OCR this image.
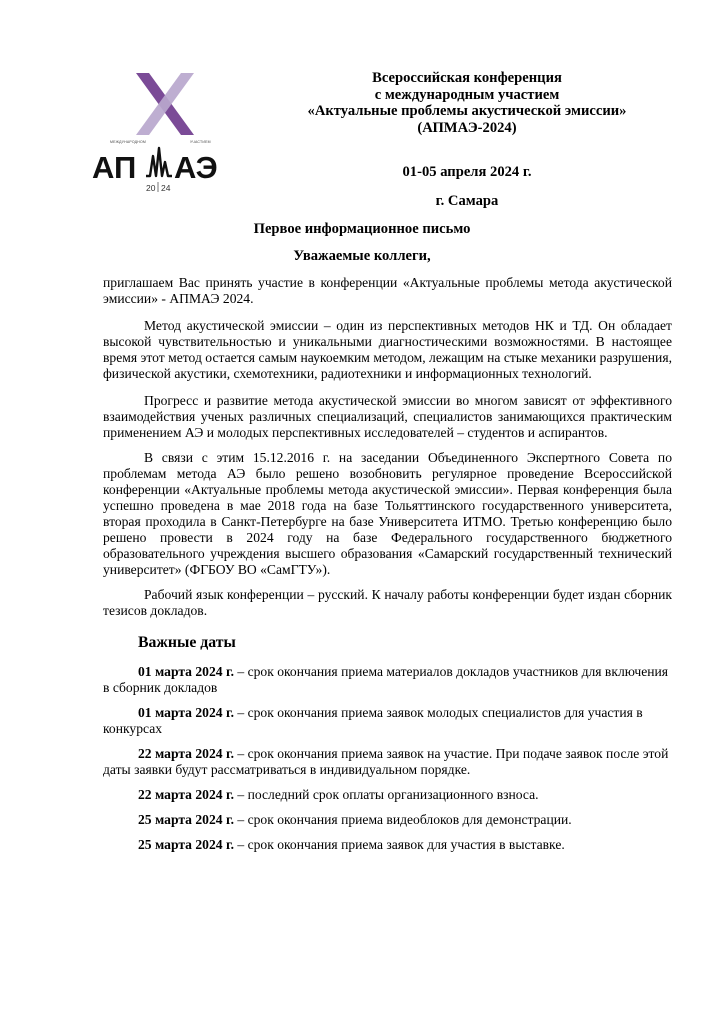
МЕЖДУНАРОДНОМ	УЧАСТИЕМ
АП АЭ
20 24
Всероссийская конференция
с международным участием
«Актуальные проблемы акустической эмиссии»
(АПМАЭ-2024)
01-05 апреля 2024 г.
г. Самара
Первое информационное письмо
Уважаемые коллеги,

приглашаем Вас принять участие в конференции «Актуальные проблемы метода акустической эмиссии» - АПМАЭ 2024.

Метод акустической эмиссии – один из перспективных методов НК и ТД. Он обладает высокой чувствительностью и уникальными диагностическими возможностями. В настоящее время этот метод остается самым наукоемким методом, лежащим на стыке механики разрушения, физической акустики, схемотехники, радиотехники и информационных технологий.

Прогресс и развитие метода акустической эмиссии во многом зависят от эффективного взаимодействия ученых различных специализаций, специалистов занимающихся практическим применением АЭ и молодых перспективных исследователей – студентов и аспирантов.

В связи с этим 15.12.2016 г. на заседании Объединенного Экспертного Совета по проблемам метода АЭ было решено возобновить регулярное проведение Всероссийской конференции «Актуальные проблемы метода акустической эмиссии». Первая конференция была успешно проведена в мае 2018 года на базе Тольяттинского государственного университета, вторая проходила в Санкт-Петербурге на базе Университета ИТМО. Третью конференцию было решено провести в 2024 году на базе Федерального государственного бюджетного образовательного учреждения высшего образования «Самарский государственный технический университет» (ФГБОУ ВО «СамГТУ»).

Рабочий язык конференции – русский. К началу работы конференции будет издан сборник тезисов докладов.

Важные даты

01 марта 2024 г. – срок окончания приема материалов докладов участников для включения в сборник докладов

01 марта 2024 г. – срок окончания приема заявок молодых специалистов для участия в конкурсах

22 марта 2024 г. – срок окончания приема заявок на участие. При подаче заявок после этой даты заявки будут рассматриваться в индивидуальном порядке.

22 марта 2024 г. – последний срок оплаты организационного взноса.

25 марта 2024 г. – срок окончания приема видеоблоков для демонстрации.

25 марта 2024 г. – срок окончания приема заявок для участия в выставке.
